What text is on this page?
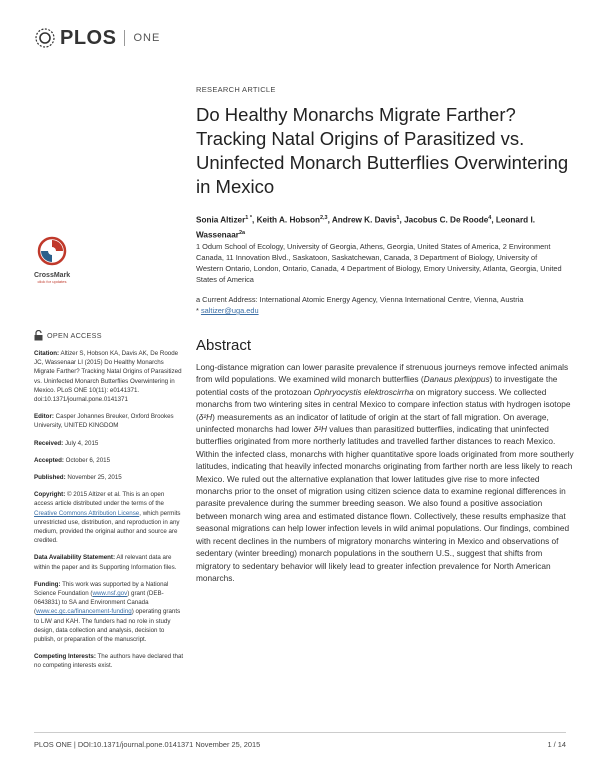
PLOS ONE
RESEARCH ARTICLE
Do Healthy Monarchs Migrate Farther? Tracking Natal Origins of Parasitized vs. Uninfected Monarch Butterflies Overwintering in Mexico
Sonia Altizer$^{1 *}$, Keith A. Hobson$^{2,3}$, Andrew K. Davis$^1$, Jacobus C. De Roode$^4$, Leonard I. Wassenaar$^{2a}$
1 Odum School of Ecology, University of Georgia, Athens, Georgia, United States of America, 2 Environment Canada, 11 Innovation Blvd., Saskatoon, Saskatchewan, Canada, 3 Department of Biology, University of Western Ontario, London, Ontario, Canada, 4 Department of Biology, Emory University, Atlanta, Georgia, United States of America
a Current Address: International Atomic Energy Agency, Vienna International Centre, Vienna, Austria
* saltizer@uga.edu
CrossMark
click for updates
OPEN ACCESS
Citation: Altizer S, Hobson KA, Davis AK, De Roode JC, Wassenaar LI (2015) Do Healthy Monarchs Migrate Farther? Tracking Natal Origins of Parasitized vs. Uninfected Monarch Butterflies Overwintering in Mexico. PLoS ONE 10(11): e0141371. doi:10.1371/journal.pone.0141371
Editor: Casper Johannes Breuker, Oxford Brookes University, UNITED KINGDOM
Received: July 4, 2015
Accepted: October 6, 2015
Published: November 25, 2015
Copyright: © 2015 Altizer et al. This is an open access article distributed under the terms of the Creative Commons Attribution License, which permits unrestricted use, distribution, and reproduction in any medium, provided the original author and source are credited.
Data Availability Statement: All relevant data are within the paper and its Supporting Information files.
Funding: This work was supported by a National Science Foundation (www.nsf.gov) grant (DEB-0643831) to SA and Environment Canada (www.ec.gc.ca/financement-funding) operating grants to LIW and KAH. The funders had no role in study design, data collection and analysis, decision to publish, or preparation of the manuscript.
Competing Interests: The authors have declared that no competing interests exist.
Abstract

Long-distance migration can lower parasite prevalence if strenuous journeys remove infected animals from wild populations. We examined wild monarch butterflies (Danaus plexippus) to investigate the potential costs of the protozoan Ophryocystis elektroscirrha on migratory success. We collected monarchs from two wintering sites in central Mexico to compare infection status with hydrogen isotope (δ²H) measurements as an indicator of latitude of origin at the start of fall migration. On average, uninfected monarchs had lower δ²H values than parasitized butterflies, indicating that uninfected butterflies originated from more northerly latitudes and travelled farther distances to reach Mexico. Within the infected class, monarchs with higher quantitative spore loads originated from more southerly latitudes, indicating that heavily infected monarchs originating from farther north are less likely to reach Mexico. We ruled out the alternative explanation that lower latitudes give rise to more infected monarchs prior to the onset of migration using citizen science data to examine regional differences in parasite prevalence during the summer breeding season. We also found a positive association between monarch wing area and estimated distance flown. Collectively, these results emphasize that seasonal migrations can help lower infection levels in wild animal populations. Our findings, combined with recent declines in the numbers of migratory monarchs wintering in Mexico and observations of sedentary (winter breeding) monarch populations in the southern U.S., suggest that shifts from migratory to sedentary behavior will likely lead to greater infection prevalence for North American monarchs.

PLOS ONE | DOI:10.1371/journal.pone.0141371 November 25, 2015	1 / 14
